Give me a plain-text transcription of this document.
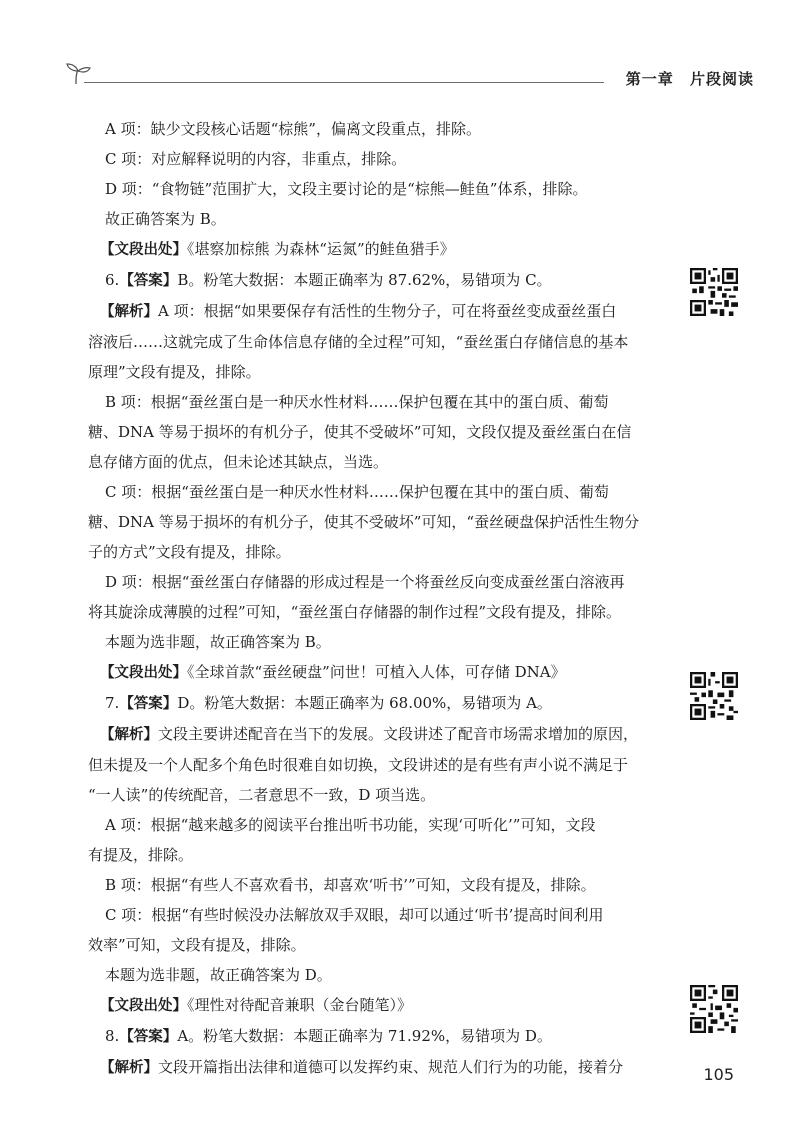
第一章 片段阅读

A 项：缺少文段核心话题“棕熊”，偏离文段重点，排除。

C 项：对应解释说明的内容，非重点，排除。

D 项：“食物链”范围扩大，文段主要讨论的是“棕熊—鲑鱼”体系，排除。

故正确答案为 B。

【文段出处】《堪察加棕熊 为森林“运氮”的鲑鱼猎手》

6.【答案】B。粉笔大数据：本题正确率为 87.62%，易错项为 C。

【解析】A 项：根据“如果要保存有活性的生物分子，可在将蚕丝变成蚕丝蛋白

溶液后……这就完成了生命体信息存储的全过程”可知，“蚕丝蛋白存储信息的基本

原理”文段有提及，排除。

B 项：根据“蚕丝蛋白是一种厌水性材料……保护包覆在其中的蛋白质、葡萄

糖、DNA 等易于损坏的有机分子，使其不受破坏”可知，文段仅提及蚕丝蛋白在信

息存储方面的优点，但未论述其缺点，当选。

C 项：根据“蚕丝蛋白是一种厌水性材料……保护包覆在其中的蛋白质、葡萄

糖、DNA 等易于损坏的有机分子，使其不受破坏”可知，“蚕丝硬盘保护活性生物分

子的方式”文段有提及，排除。

D 项：根据“蚕丝蛋白存储器的形成过程是一个将蚕丝反向变成蚕丝蛋白溶液再

将其旋涂成薄膜的过程”可知，“蚕丝蛋白存储器的制作过程”文段有提及，排除。

本题为选非题，故正确答案为 B。

【文段出处】《全球首款“蚕丝硬盘”问世！可植入人体，可存储 DNA》

7.【答案】D。粉笔大数据：本题正确率为 68.00%，易错项为 A。

【解析】文段主要讲述配音在当下的发展。文段讲述了配音市场需求增加的原因，

但未提及一个人配多个角色时很难自如切换，文段讲述的是有些有声小说不满足于

“一人读”的传统配音，二者意思不一致，D 项当选。

A 项：根据“越来越多的阅读平台推出听书功能，实现‘可听化’”可知，文段

有提及，排除。

B 项：根据“有些人不喜欢看书，却喜欢‘听书’”可知，文段有提及，排除。

C 项：根据“有些时候没办法解放双手双眼，却可以通过‘听书’提高时间利用

效率”可知，文段有提及，排除。

本题为选非题，故正确答案为 D。

【文段出处】《理性对待配音兼职（金台随笔）》

8.【答案】A。粉笔大数据：本题正确率为 71.92%，易错项为 D。

【解析】文段开篇指出法律和道德可以发挥约束、规范人们行为的功能，接着分	105
